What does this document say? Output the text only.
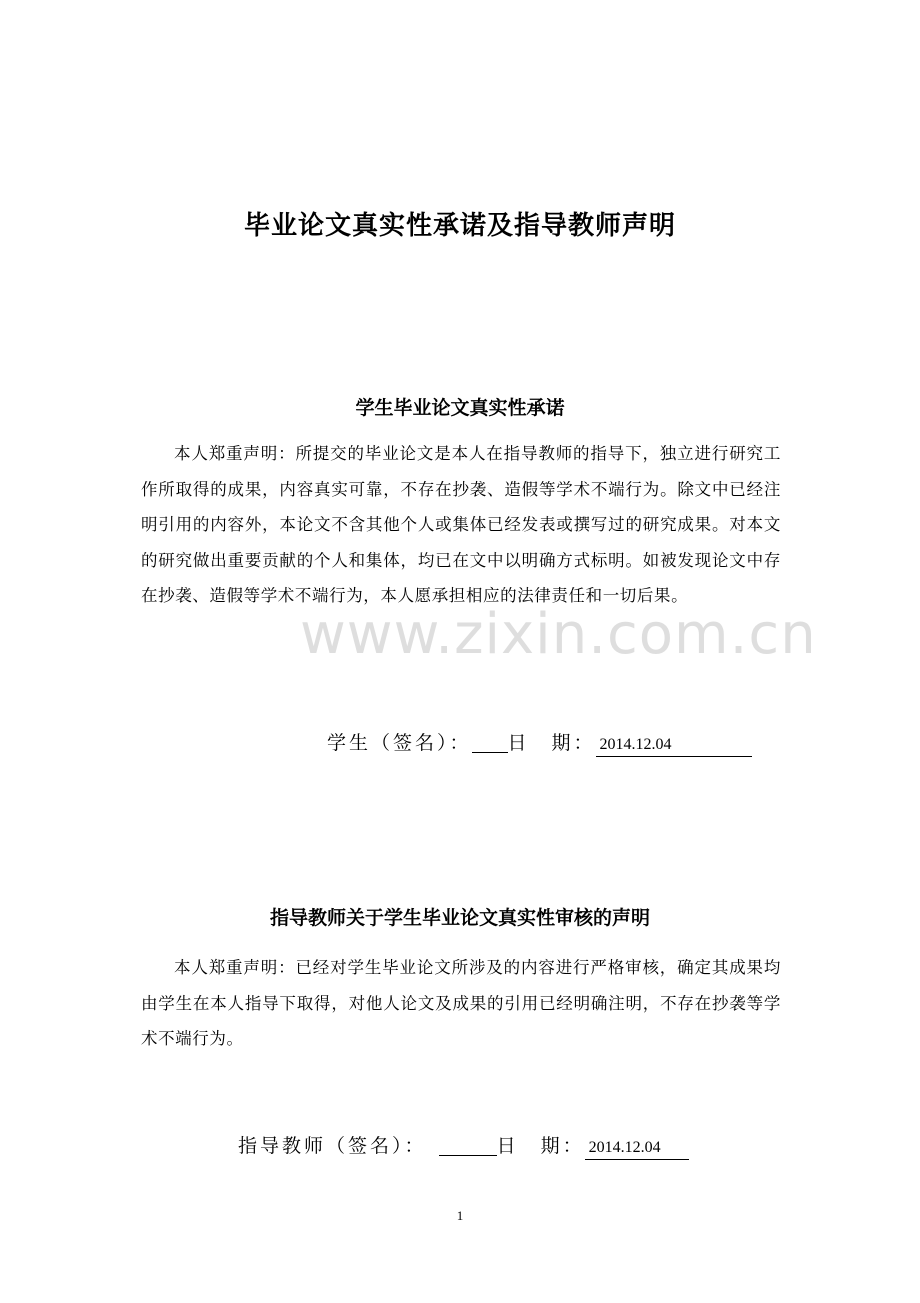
毕业论文真实性承诺及指导教师声明
学生毕业论文真实性承诺
本人郑重声明：所提交的毕业论文是本人在指导教师的指导下，独立进行研究工作所取得的成果，内容真实可靠，不存在抄袭、造假等学术不端行为。除文中已经注明引用的内容外，本论文不含其他个人或集体已经发表或撰写过的研究成果。对本文的研究做出重要贡献的个人和集体，均已在文中以明确方式标明。如被发现论文中存在抄袭、造假等学术不端行为，本人愿承担相应的法律责任和一切后果。
www.zixin.com.cn
学生（签名）： 日　期： 2014.12.04
指导教师关于学生毕业论文真实性审核的声明
本人郑重声明：已经对学生毕业论文所涉及的内容进行严格审核，确定其成果均由学生在本人指导下取得，对他人论文及成果的引用已经明确注明，不存在抄袭等学术不端行为。
指导教师（签名）：	日　期： 2014.12.04
1
